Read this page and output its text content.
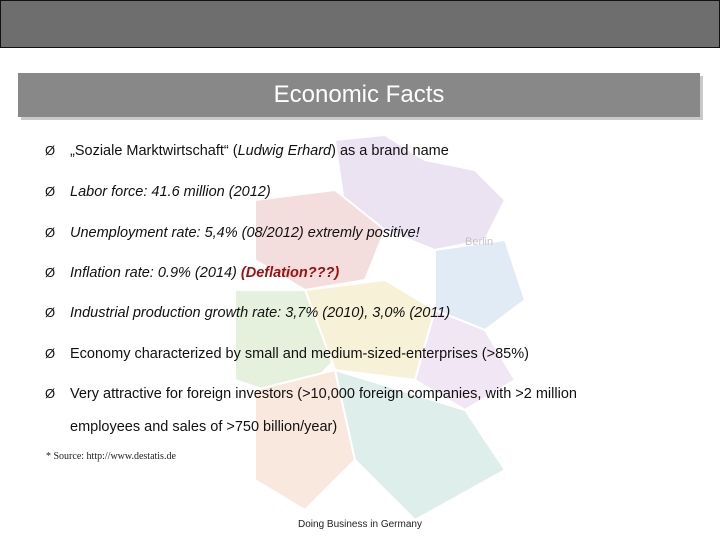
Economic Facts
Berlin
Ø	„Soziale Marktwirtschaft“ (Ludwig Erhard) as a brand name
Ø	Labor force: 41.6 million (2012)
Ø	Unemployment rate: 5,4% (08/2012) extremly positive!
Ø	Inflation rate: 0.9% (2014) (Deflation???)
Ø	Industrial production growth rate: 3,7% (2010), 3,0% (2011)
Ø	Economy characterized by small and medium-sized-enterprises (>85%)
Ø	Very attractive for foreign investors (>10,000 foreign companies, with >2 million
employees and sales of >750 billion/year)
* Source: http://www.destatis.de
Doing Business in Germany
